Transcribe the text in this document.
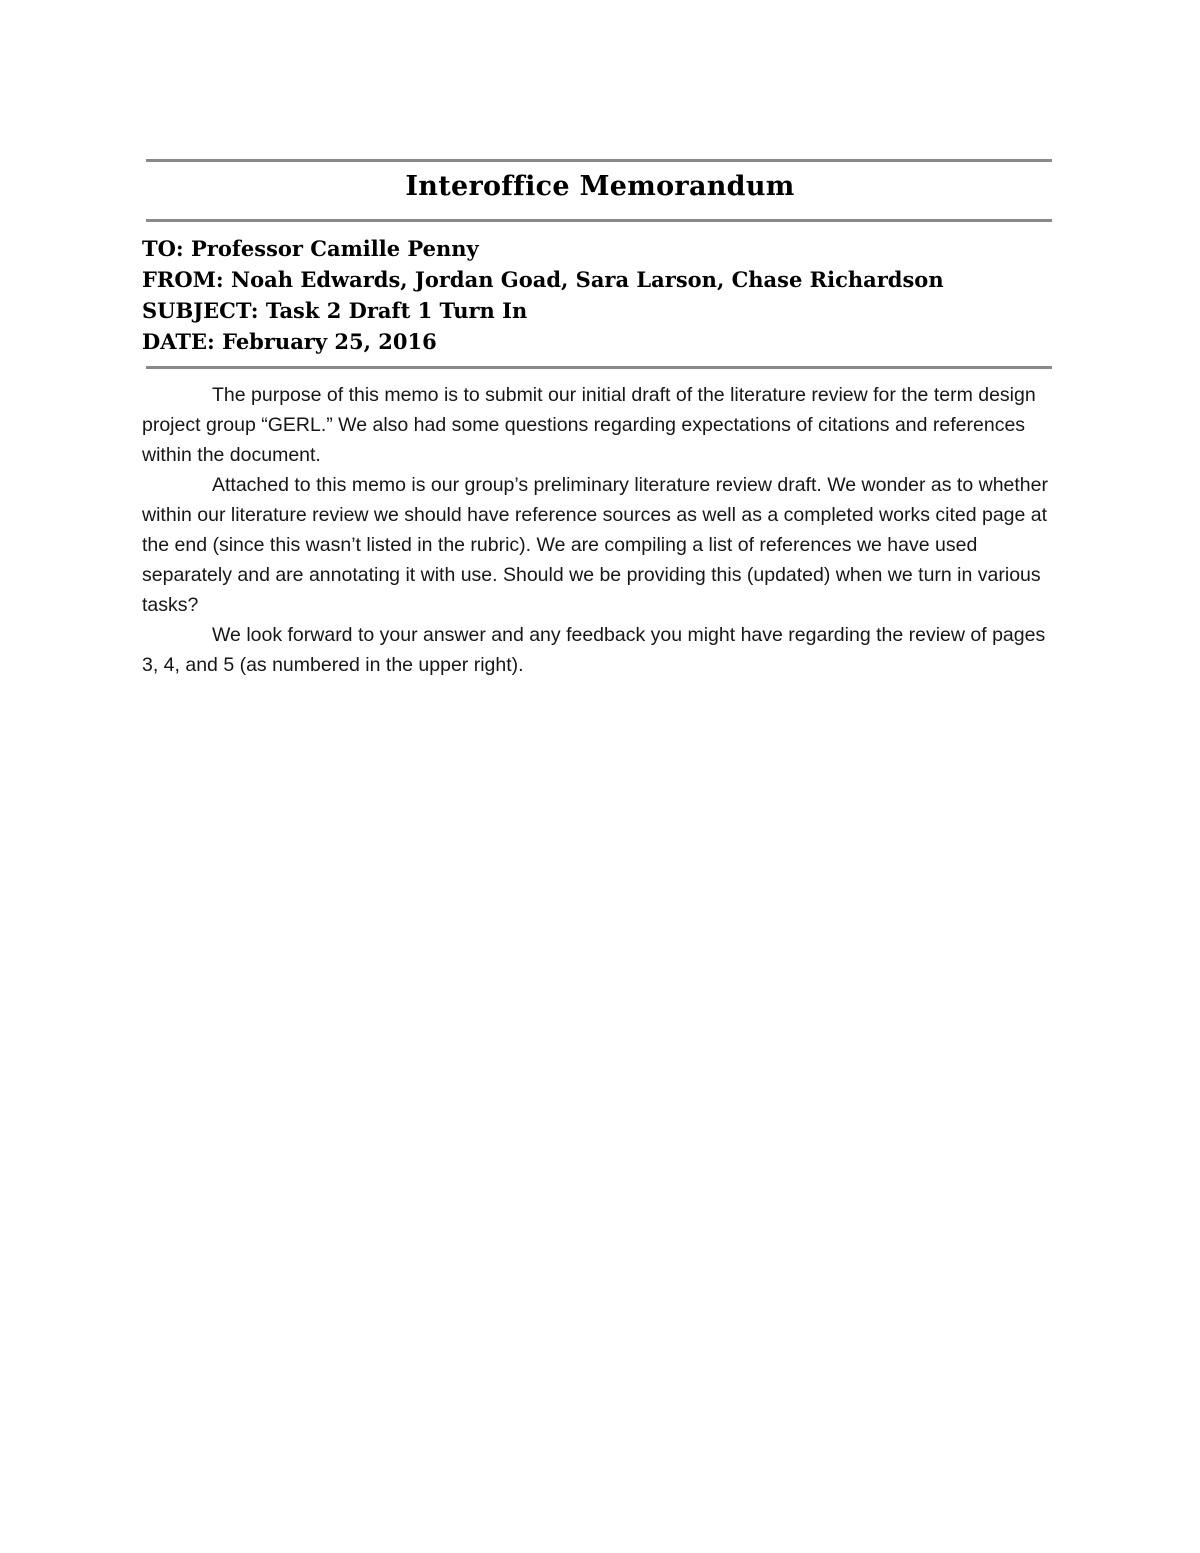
Interoffice Memorandum
TO: Professor Camille Penny
FROM: Noah Edwards, Jordan Goad, Sara Larson, Chase Richardson
SUBJECT: Task 2 Draft 1 Turn In
DATE: February 25, 2016

The purpose of this memo is to submit our initial draft of the literature review for the term design project group “GERL.” We also had some questions regarding expectations of citations and references within the document.

Attached to this memo is our group’s preliminary literature review draft. We wonder as to whether within our literature review we should have reference sources as well as a completed works cited page at the end (since this wasn’t listed in the rubric). We are compiling a list of references we have used separately and are annotating it with use. Should we be providing this (updated) when we turn in various tasks?

We look forward to your answer and any feedback you might have regarding the review of pages 3, 4, and 5 (as numbered in the upper right).
